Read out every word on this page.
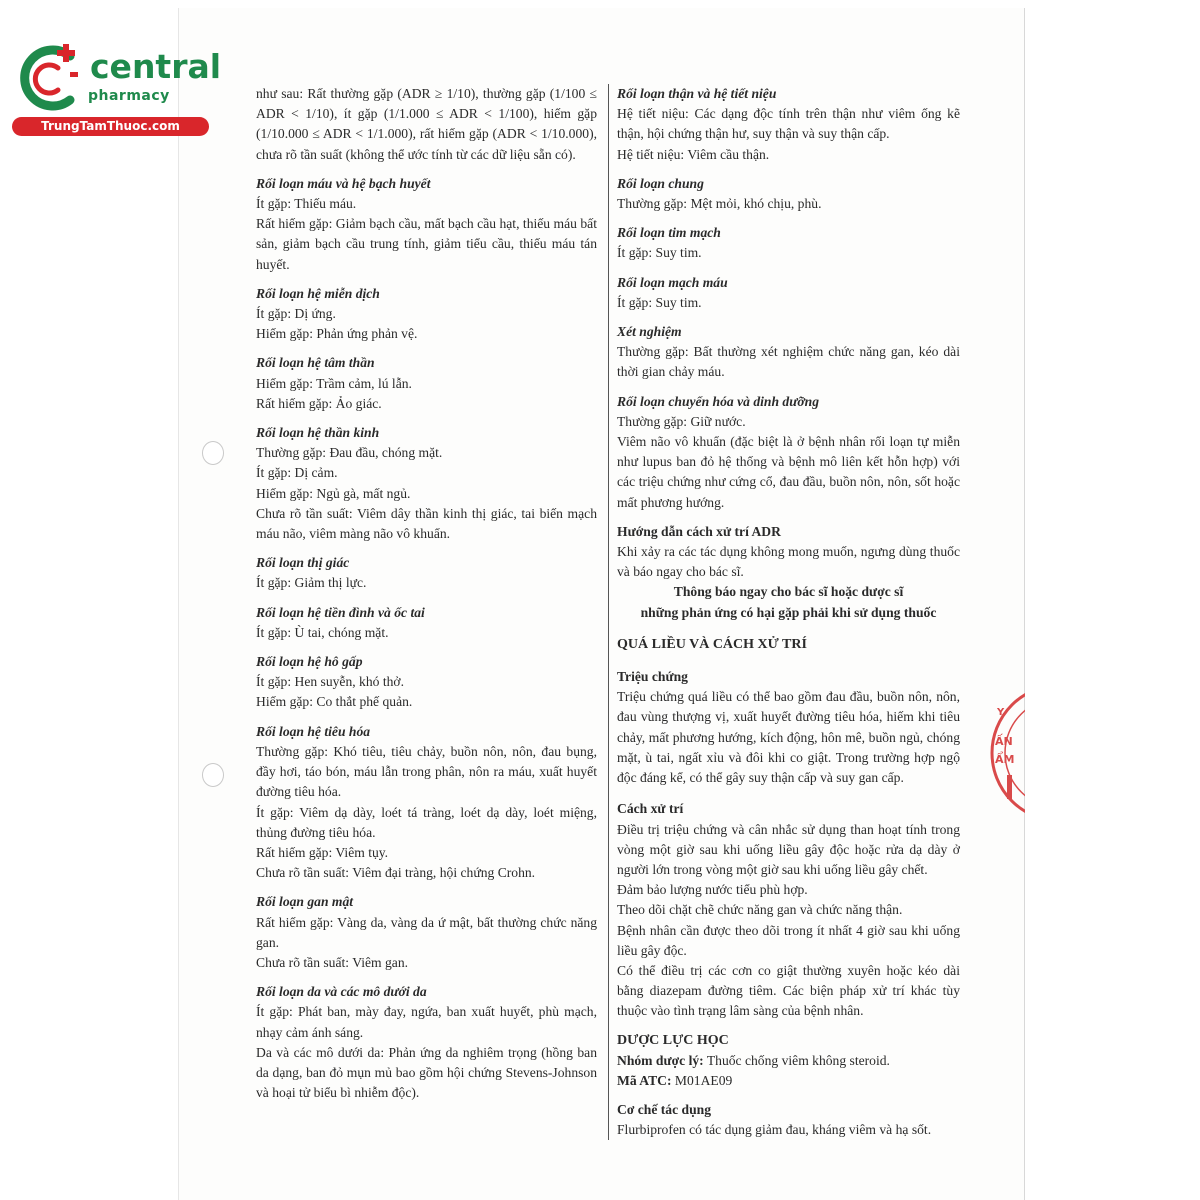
central
pharmacy
TrungTamThuoc.com

như sau: Rất thường gặp (ADR ≥ 1/10), thường gặp (1/100 ≤ ADR < 1/10), ít gặp (1/1.000 ≤ ADR < 1/100), hiếm gặp (1/10.000 ≤ ADR < 1/1.000), rất hiếm gặp (ADR < 1/10.000), chưa rõ tần suất (không thể ước tính từ các dữ liệu sẵn có).

Rối loạn máu và hệ bạch huyết

Ít gặp: Thiếu máu.

Rất hiếm gặp: Giảm bạch cầu, mất bạch cầu hạt, thiếu máu bất sản, giảm bạch cầu trung tính, giảm tiểu cầu, thiếu máu tán huyết.

Rối loạn hệ miễn dịch

Ít gặp: Dị ứng.

Hiếm gặp: Phản ứng phản vệ.

Rối loạn hệ tâm thần

Hiếm gặp: Trầm cảm, lú lẫn.

Rất hiếm gặp: Ảo giác.

Rối loạn hệ thần kinh

Thường gặp: Đau đầu, chóng mặt.

Ít gặp: Dị cảm.

Hiếm gặp: Ngủ gà, mất ngủ.

Chưa rõ tần suất: Viêm dây thần kinh thị giác, tai biến mạch máu não, viêm màng não vô khuẩn.

Rối loạn thị giác

Ít gặp: Giảm thị lực.

Rối loạn hệ tiền đình và ốc tai

Ít gặp: Ù tai, chóng mặt.

Rối loạn hệ hô gấp

Ít gặp: Hen suyễn, khó thở.

Hiếm gặp: Co thắt phế quản.

Rối loạn hệ tiêu hóa

Thường gặp: Khó tiêu, tiêu chảy, buồn nôn, nôn, đau bụng, đầy hơi, táo bón, máu lẫn trong phân, nôn ra máu, xuất huyết đường tiêu hóa.

Ít gặp: Viêm dạ dày, loét tá tràng, loét dạ dày, loét miệng, thủng đường tiêu hóa.

Rất hiếm gặp: Viêm tụy.

Chưa rõ tần suất: Viêm đại tràng, hội chứng Crohn.

Rối loạn gan mật

Rất hiếm gặp: Vàng da, vàng da ứ mật, bất thường chức năng gan.

Chưa rõ tần suất: Viêm gan.

Rối loạn da và các mô dưới da

Ít gặp: Phát ban, mày đay, ngứa, ban xuất huyết, phù mạch, nhạy cảm ánh sáng.

Da và các mô dưới da: Phản ứng da nghiêm trọng (hồng ban da dạng, ban đỏ mụn mủ bao gồm hội chứng Stevens-Johnson và hoại tử biểu bì nhiễm độc).

Rối loạn thận và hệ tiết niệu

Hệ tiết niệu: Các dạng độc tính trên thận như viêm ống kẽ thận, hội chứng thận hư, suy thận và suy thận cấp.

Hệ tiết niệu: Viêm cầu thận.

Rối loạn chung

Thường gặp: Mệt mỏi, khó chịu, phù.

Rối loạn tim mạch

Ít gặp: Suy tim.

Rối loạn mạch máu

Ít gặp: Suy tim.

Xét nghiệm

Thường gặp: Bất thường xét nghiệm chức năng gan, kéo dài thời gian chảy máu.

Rối loạn chuyển hóa và dinh dưỡng

Thường gặp: Giữ nước.

Viêm não vô khuẩn (đặc biệt là ở bệnh nhân rối loạn tự miễn như lupus ban đỏ hệ thống và bệnh mô liên kết hỗn hợp) với các triệu chứng như cứng cổ, đau đầu, buồn nôn, nôn, sốt hoặc mất phương hướng.

Hướng dẫn cách xử trí ADR

Khi xảy ra các tác dụng không mong muốn, ngưng dùng thuốc và báo ngay cho bác sĩ.

Thông báo ngay cho bác sĩ hoặc dược sĩ

những phản ứng có hại gặp phải khi sử dụng thuốc

QUÁ LIỀU VÀ CÁCH XỬ TRÍ

Triệu chứng

Triệu chứng quá liều có thể bao gồm đau đầu, buồn nôn, nôn, đau vùng thượng vị, xuất huyết đường tiêu hóa, hiếm khi tiêu chảy, mất phương hướng, kích động, hôn mê, buồn ngủ, chóng mặt, ù tai, ngất xỉu và đôi khi co giật. Trong trường hợp ngộ độc đáng kể, có thể gây suy thận cấp và suy gan cấp.

Cách xử trí

Điều trị triệu chứng và cân nhắc sử dụng than hoạt tính trong vòng một giờ sau khi uống liều gây độc hoặc rửa dạ dày ở người lớn trong vòng một giờ sau khi uống liều gây chết.

Đảm bảo lượng nước tiểu phù hợp.

Theo dõi chặt chẽ chức năng gan và chức năng thận.

Bệnh nhân cần được theo dõi trong ít nhất 4 giờ sau khi uống liều gây độc.

Có thể điều trị các cơn co giật thường xuyên hoặc kéo dài bằng diazepam đường tiêm. Các biện pháp xử trí khác tùy thuộc vào tình trạng lâm sàng của bệnh nhân.

DƯỢC LỰC HỌC

Nhóm dược lý: Thuốc chống viêm không steroid.

Mã ATC: M01AE09

Cơ chế tác dụng

Flurbiprofen có tác dụng giảm đau, kháng viêm và hạ sốt.

Y
ẤN
ẨM
